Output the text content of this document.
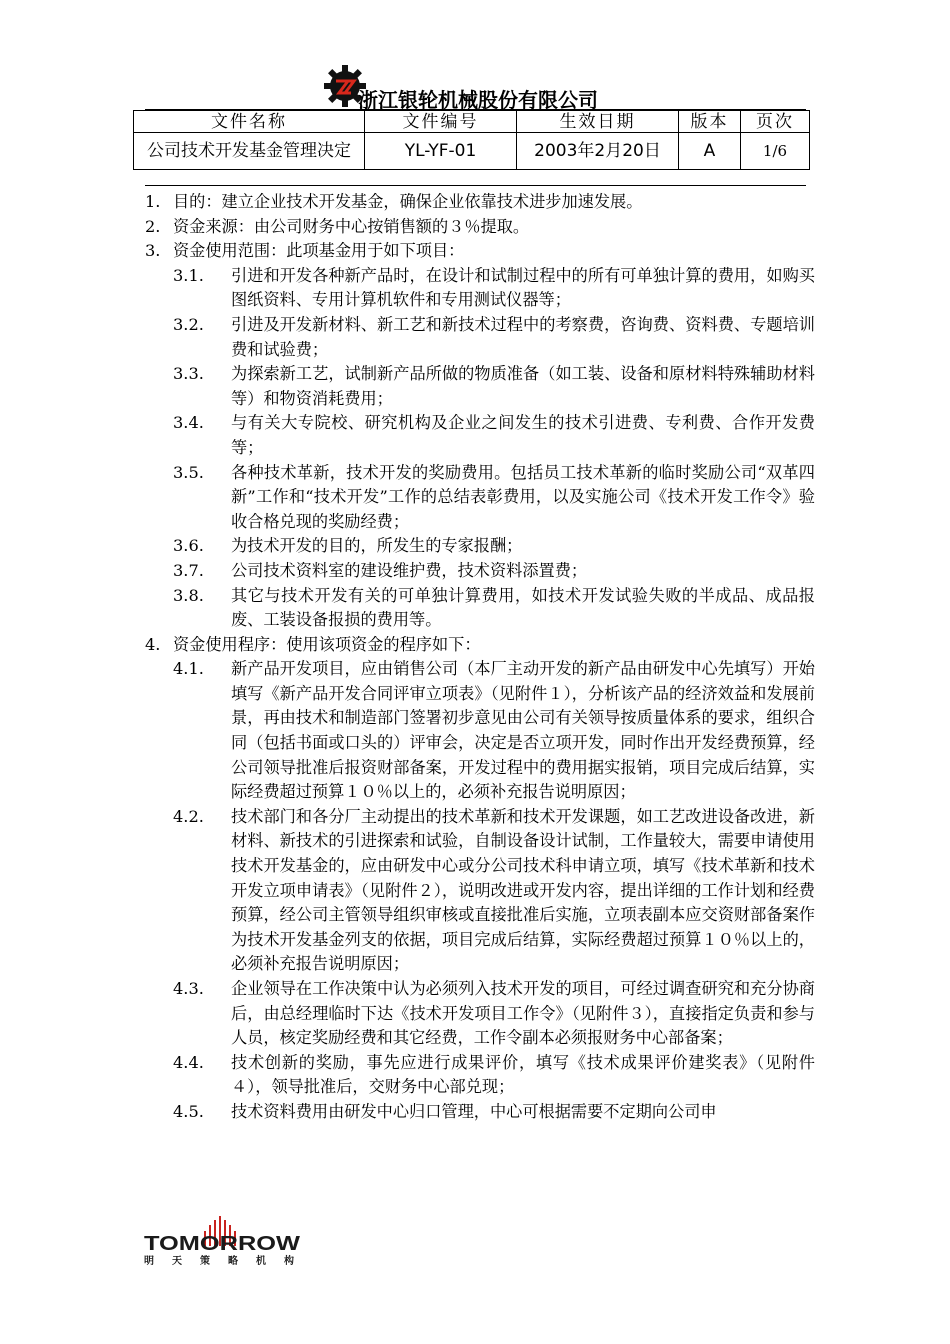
浙江银轮机械股份有限公司
文件名称	文件编号	生效日期	版本	页次
公司技术开发基金管理决定	YL-YF-01	2003年2月20日	A	1/6
1. 目的：建立企业技术开发基金，确保企业依靠技术进步加速发展。
2. 资金来源：由公司财务中心按销售额的３％提取。
3. 资金使用范围：此项基金用于如下项目：
3.1.	引进和开发各种新产品时，在设计和试制过程中的所有可单独计算的费用，如购买图纸资料、专用计算机软件和专用测试仪器等；
3.2.	引进及开发新材料、新工艺和新技术过程中的考察费，咨询费、资料费、专题培训费和试验费；
3.3.	为探索新工艺，试制新产品所做的物质准备（如工装、设备和原材料特殊辅助材料等）和物资消耗费用；
3.4.	与有关大专院校、研究机构及企业之间发生的技术引进费、专利费、合作开发费等；
3.5.	各种技术革新，技术开发的奖励费用。包括员工技术革新的临时奖励公司“双革四新”工作和“技术开发”工作的总结表彰费用，以及实施公司《技术开发工作令》验收合格兑现的奖励经费；
3.6.	为技术开发的目的，所发生的专家报酬；
3.7.	公司技术资料室的建设维护费，技术资料添置费；
3.8.	其它与技术开发有关的可单独计算费用，如技术开发试验失败的半成品、成品报废、工装设备报损的费用等。
4. 资金使用程序：使用该项资金的程序如下：
4.1.	新产品开发项目，应由销售公司（本厂主动开发的新产品由研发中心先填写）开始填写《新产品开发合同评审立项表》（见附件１），分析该产品的经济效益和发展前景，再由技术和制造部门签署初步意见由公司有关领导按质量体系的要求，组织合同（包括书面或口头的）评审会，决定是否立项开发，同时作出开发经费预算，经公司领导批准后报资财部备案，开发过程中的费用据实报销，项目完成后结算，实际经费超过预算１０％以上的，必须补充报告说明原因；
4.2.	技术部门和各分厂主动提出的技术革新和技术开发课题，如工艺改进设备改进，新材料、新技术的引进探索和试验，自制设备设计试制，工作量较大，需要申请使用技术开发基金的，应由研发中心或分公司技术科申请立项，填写《技术革新和技术开发立项申请表》（见附件２），说明改进或开发内容，提出详细的工作计划和经费预算，经公司主管领导组织审核或直接批准后实施，立项表副本应交资财部备案作为技术开发基金列支的依据，项目完成后结算，实际经费超过预算１０％以上的，必须补充报告说明原因；
4.3.	企业领导在工作决策中认为必须列入技术开发的项目，可经过调查研究和充分协商后，由总经理临时下达《技术开发项目工作令》（见附件３），直接指定负责和参与人员，核定奖励经费和其它经费，工作令副本必须报财务中心部备案；
4.4.	技术创新的奖励，事先应进行成果评价，填写《技术成果评价建奖表》（见附件４），领导批准后，交财务中心部兑现；
4.5.	技术资料费用由研发中心归口管理，中心可根据需要不定期向公司申
TOMORROW
明天策略机构
